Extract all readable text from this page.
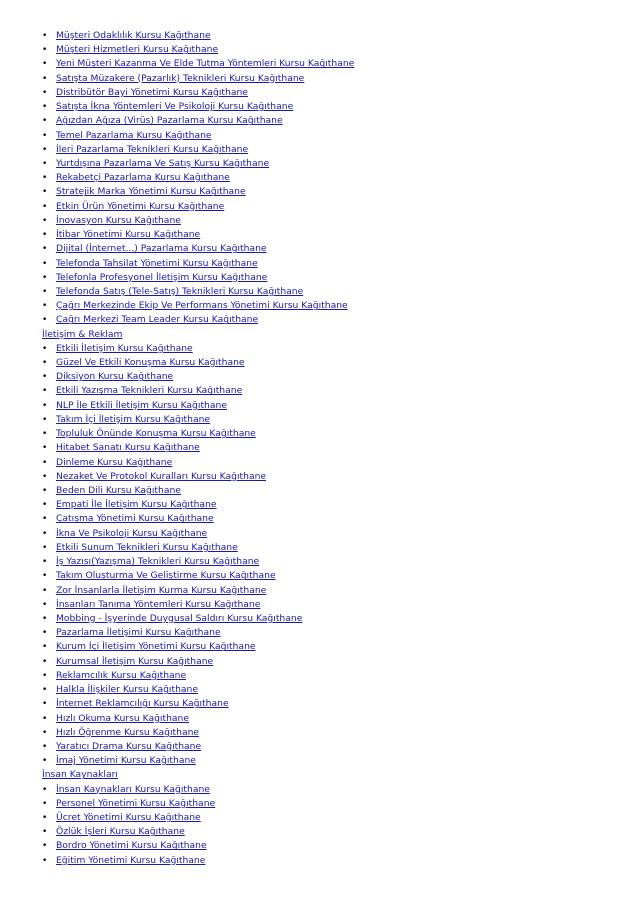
• Müşteri Odaklılık Kursu Kağıthane
• Müşteri Hizmetleri Kursu Kağıthane
• Yeni Müşteri Kazanma Ve Elde Tutma Yöntemleri Kursu Kağıthane
• Satışta Müzakere (Pazarlık) Teknikleri Kursu Kağıthane
• Distribütör Bayi Yönetimi Kursu Kağıthane
• Satışta İkna Yöntemleri Ve Psikoloji Kursu Kağıthane
• Ağızdan Ağıza (Virüs) Pazarlama Kursu Kağıthane
• Temel Pazarlama Kursu Kağıthane
• İleri Pazarlama Teknikleri Kursu Kağıthane
• Yurtdışına Pazarlama Ve Satış Kursu Kağıthane
• Rekabetçi Pazarlama Kursu Kağıthane
• Stratejik Marka Yönetimi Kursu Kağıthane
• Etkin Ürün Yönetimi Kursu Kağıthane
• İnovasyon Kursu Kağıthane
• İtibar Yönetimi Kursu Kağıthane
• Dijital (İnternet...) Pazarlama Kursu Kağıthane
• Telefonda Tahsilat Yönetimi Kursu Kağıthane
• Telefonla Profesyonel İletişim Kursu Kağıthane
• Telefonda Satış (Tele-Satış) Teknikleri Kursu Kağıthane
• Çağrı Merkezinde Ekip Ve Performans Yönetimi Kursu Kağıthane
• Çağrı Merkezi Team Leader Kursu Kağıthane
İletişim & Reklam
• Etkili İletişim Kursu Kağıthane
• Güzel Ve Etkili Konuşma Kursu Kağıthane
• Diksiyon Kursu Kağıthane
• Etkili Yazışma Teknikleri Kursu Kağıthane
• NLP İle Etkili İletişim Kursu Kağıthane
• Takım İçi İletişim Kursu Kağıthane
• Topluluk Önünde Konuşma Kursu Kağıthane
• Hitabet Sanatı Kursu Kağıthane
• Dinleme Kursu Kağıthane
• Nezaket Ve Protokol Kuralları Kursu Kağıthane
• Beden Dili Kursu Kağıthane
• Empati İle İletişim Kursu Kağıthane
• Çatışma Yönetimi Kursu Kağıthane
• İkna Ve Psikoloji Kursu Kağıthane
• Etkili Sunum Teknikleri Kursu Kağıthane
• İş Yazısı(Yazışma) Teknikleri Kursu Kağıthane
• Takım Oluşturma Ve Geliştirme Kursu Kağıthane
• Zor İnsanlarla İletişim Kurma Kursu Kağıthane
• İnsanları Tanıma Yöntemleri Kursu Kağıthane
• Mobbing - İşyerinde Duygusal Saldırı Kursu Kağıthane
• Pazarlama İletişimi Kursu Kağıthane
• Kurum İçi İletişim Yönetimi Kursu Kağıthane
• Kurumsal İletişim Kursu Kağıthane
• Reklamcılık Kursu Kağıthane
• Halkla İlişkiler Kursu Kağıthane
• İnternet Reklamcılığı Kursu Kağıthane
• Hızlı Okuma Kursu Kağıthane
• Hızlı Öğrenme Kursu Kağıthane
• Yaratıcı Drama Kursu Kağıthane
• İmaj Yönetimi Kursu Kağıthane
İnsan Kaynakları
• İnsan Kaynakları Kursu Kağıthane
• Personel Yönetimi Kursu Kağıthane
• Ücret Yönetimi Kursu Kağıthane
• Özlük İşleri Kursu Kağıthane
• Bordro Yönetimi Kursu Kağıthane
• Eğitim Yönetimi Kursu Kağıthane
